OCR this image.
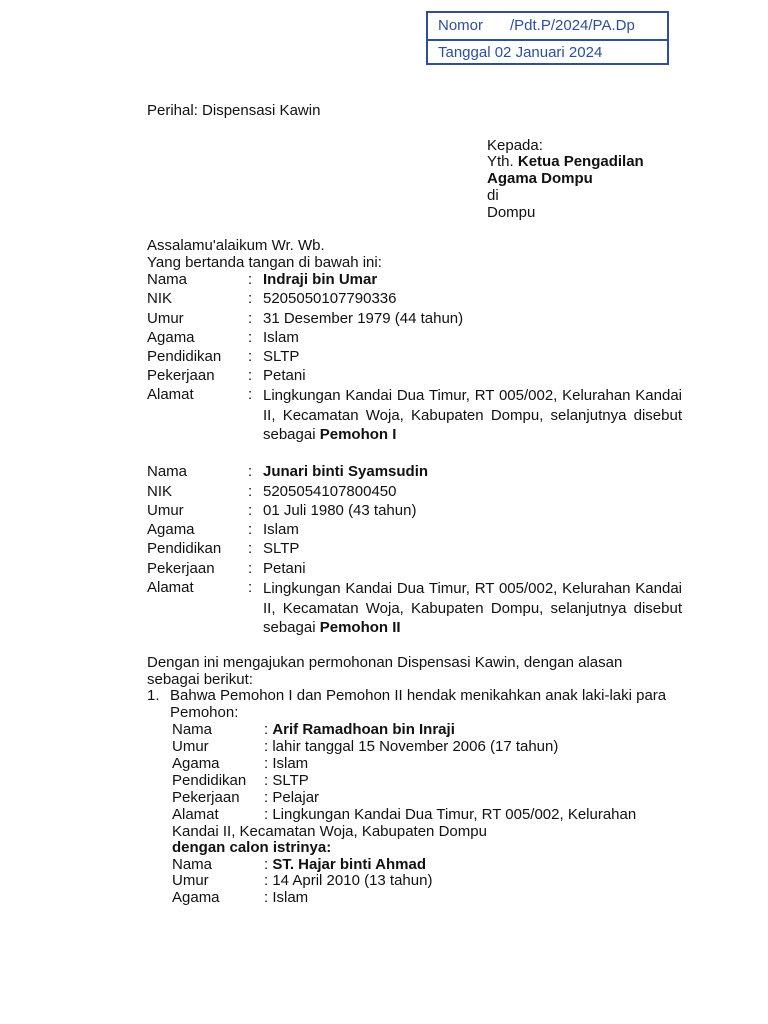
Nomor /Pdt.P/2024/PA.Dp
Tanggal 02 Januari 2024
Perihal: Dispensasi Kawin
Kepada:
Yth. Ketua Pengadilan
Agama Dompu
di
Dompu
Assalamu'alaikum Wr. Wb.
Yang bertanda tangan di bawah ini:
Nama	: Indraji bin Umar
NIK	: 5205050107790336
Umur	: 31 Desember 1979 (44 tahun)
Agama	: Islam
Pendidikan : SLTP
Pekerjaan : Petani
Alamat	: Lingkungan Kandai Dua Timur, RT 005/002, Kelurahan Kandai II, Kecamatan Woja, Kabupaten Dompu, selanjutnya disebut sebagai Pemohon I
Nama	: Junari binti Syamsudin
NIK	: 5205054107800450
Umur	: 01 Juli 1980 (43 tahun)
Agama	: Islam
Pendidikan : SLTP
Pekerjaan : Petani
Alamat	: Lingkungan Kandai Dua Timur, RT 005/002, Kelurahan Kandai II, Kecamatan Woja, Kabupaten Dompu, selanjutnya disebut sebagai Pemohon II
Dengan ini mengajukan permohonan Dispensasi Kawin, dengan alasan
sebagai berikut:
1. Bahwa Pemohon I dan Pemohon II hendak menikahkan anak laki-laki para
Pemohon:
Nama	: Arif Ramadhoan bin Inraji
Umur	: lahir tanggal 15 November 2006 (17 tahun)
Agama	: Islam
Pendidikan : SLTP
Pekerjaan : Pelajar
Alamat	: Lingkungan Kandai Dua Timur, RT 005/002, Kelurahan
Kandai II, Kecamatan Woja, Kabupaten Dompu
dengan calon istrinya:
Nama	: ST. Hajar binti Ahmad
Umur	: 14 April 2010 (13 tahun)
Agama	: Islam
